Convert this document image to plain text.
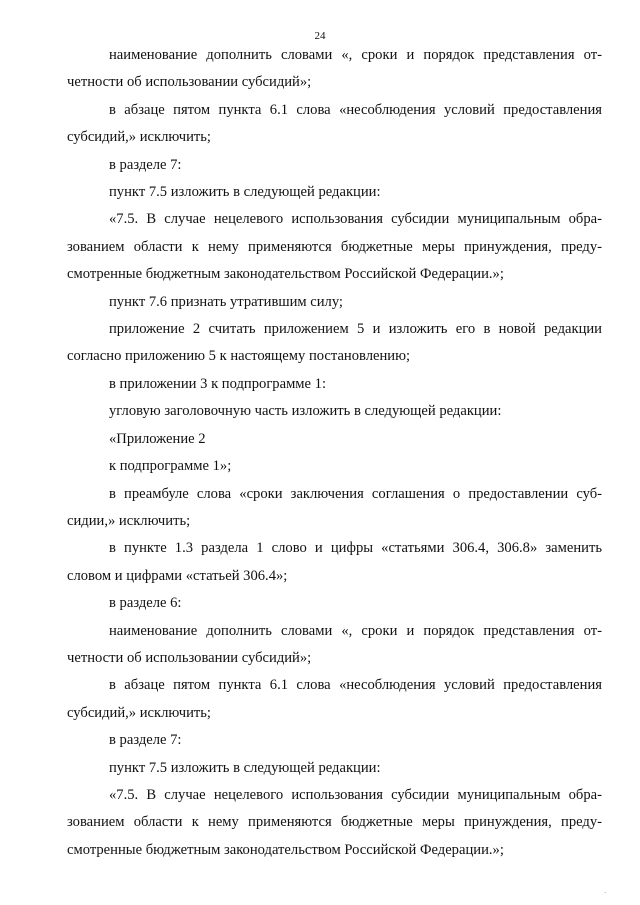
24
наименование дополнить словами «, сроки и порядок представления от-
четности об использовании субсидий»;
в абзаце пятом пункта 6.1 слова «несоблюдения условий предоставления
субсидий,» исключить;
в разделе 7:
пункт 7.5 изложить в следующей редакции:
«7.5. В случае нецелевого использования субсидии муниципальным обра-
зованием области к нему применяются бюджетные меры принуждения, преду-
смотренные бюджетным законодательством Российской Федерации.»;
пункт 7.6 признать утратившим силу;
приложение 2 считать приложением 5 и изложить его в новой редакции
согласно приложению 5 к настоящему постановлению;
в приложении 3 к подпрограмме 1:
угловую заголовочную часть изложить в следующей редакции:
«Приложение 2
к подпрограмме 1»;
в преамбуле слова «сроки заключения соглашения о предоставлении суб-
сидии,» исключить;
в пункте 1.3 раздела 1 слово и цифры «статьями 306.4, 306.8» заменить
словом и цифрами «статьей 306.4»;
в разделе 6:
наименование дополнить словами «, сроки и порядок представления от-
четности об использовании субсидий»;
в абзаце пятом пункта 6.1 слова «несоблюдения условий предоставления
субсидий,» исключить;
в разделе 7:
пункт 7.5 изложить в следующей редакции:
«7.5. В случае нецелевого использования субсидии муниципальным обра-
зованием области к нему применяются бюджетные меры принуждения, преду-
смотренные бюджетным законодательством Российской Федерации.»;
·
